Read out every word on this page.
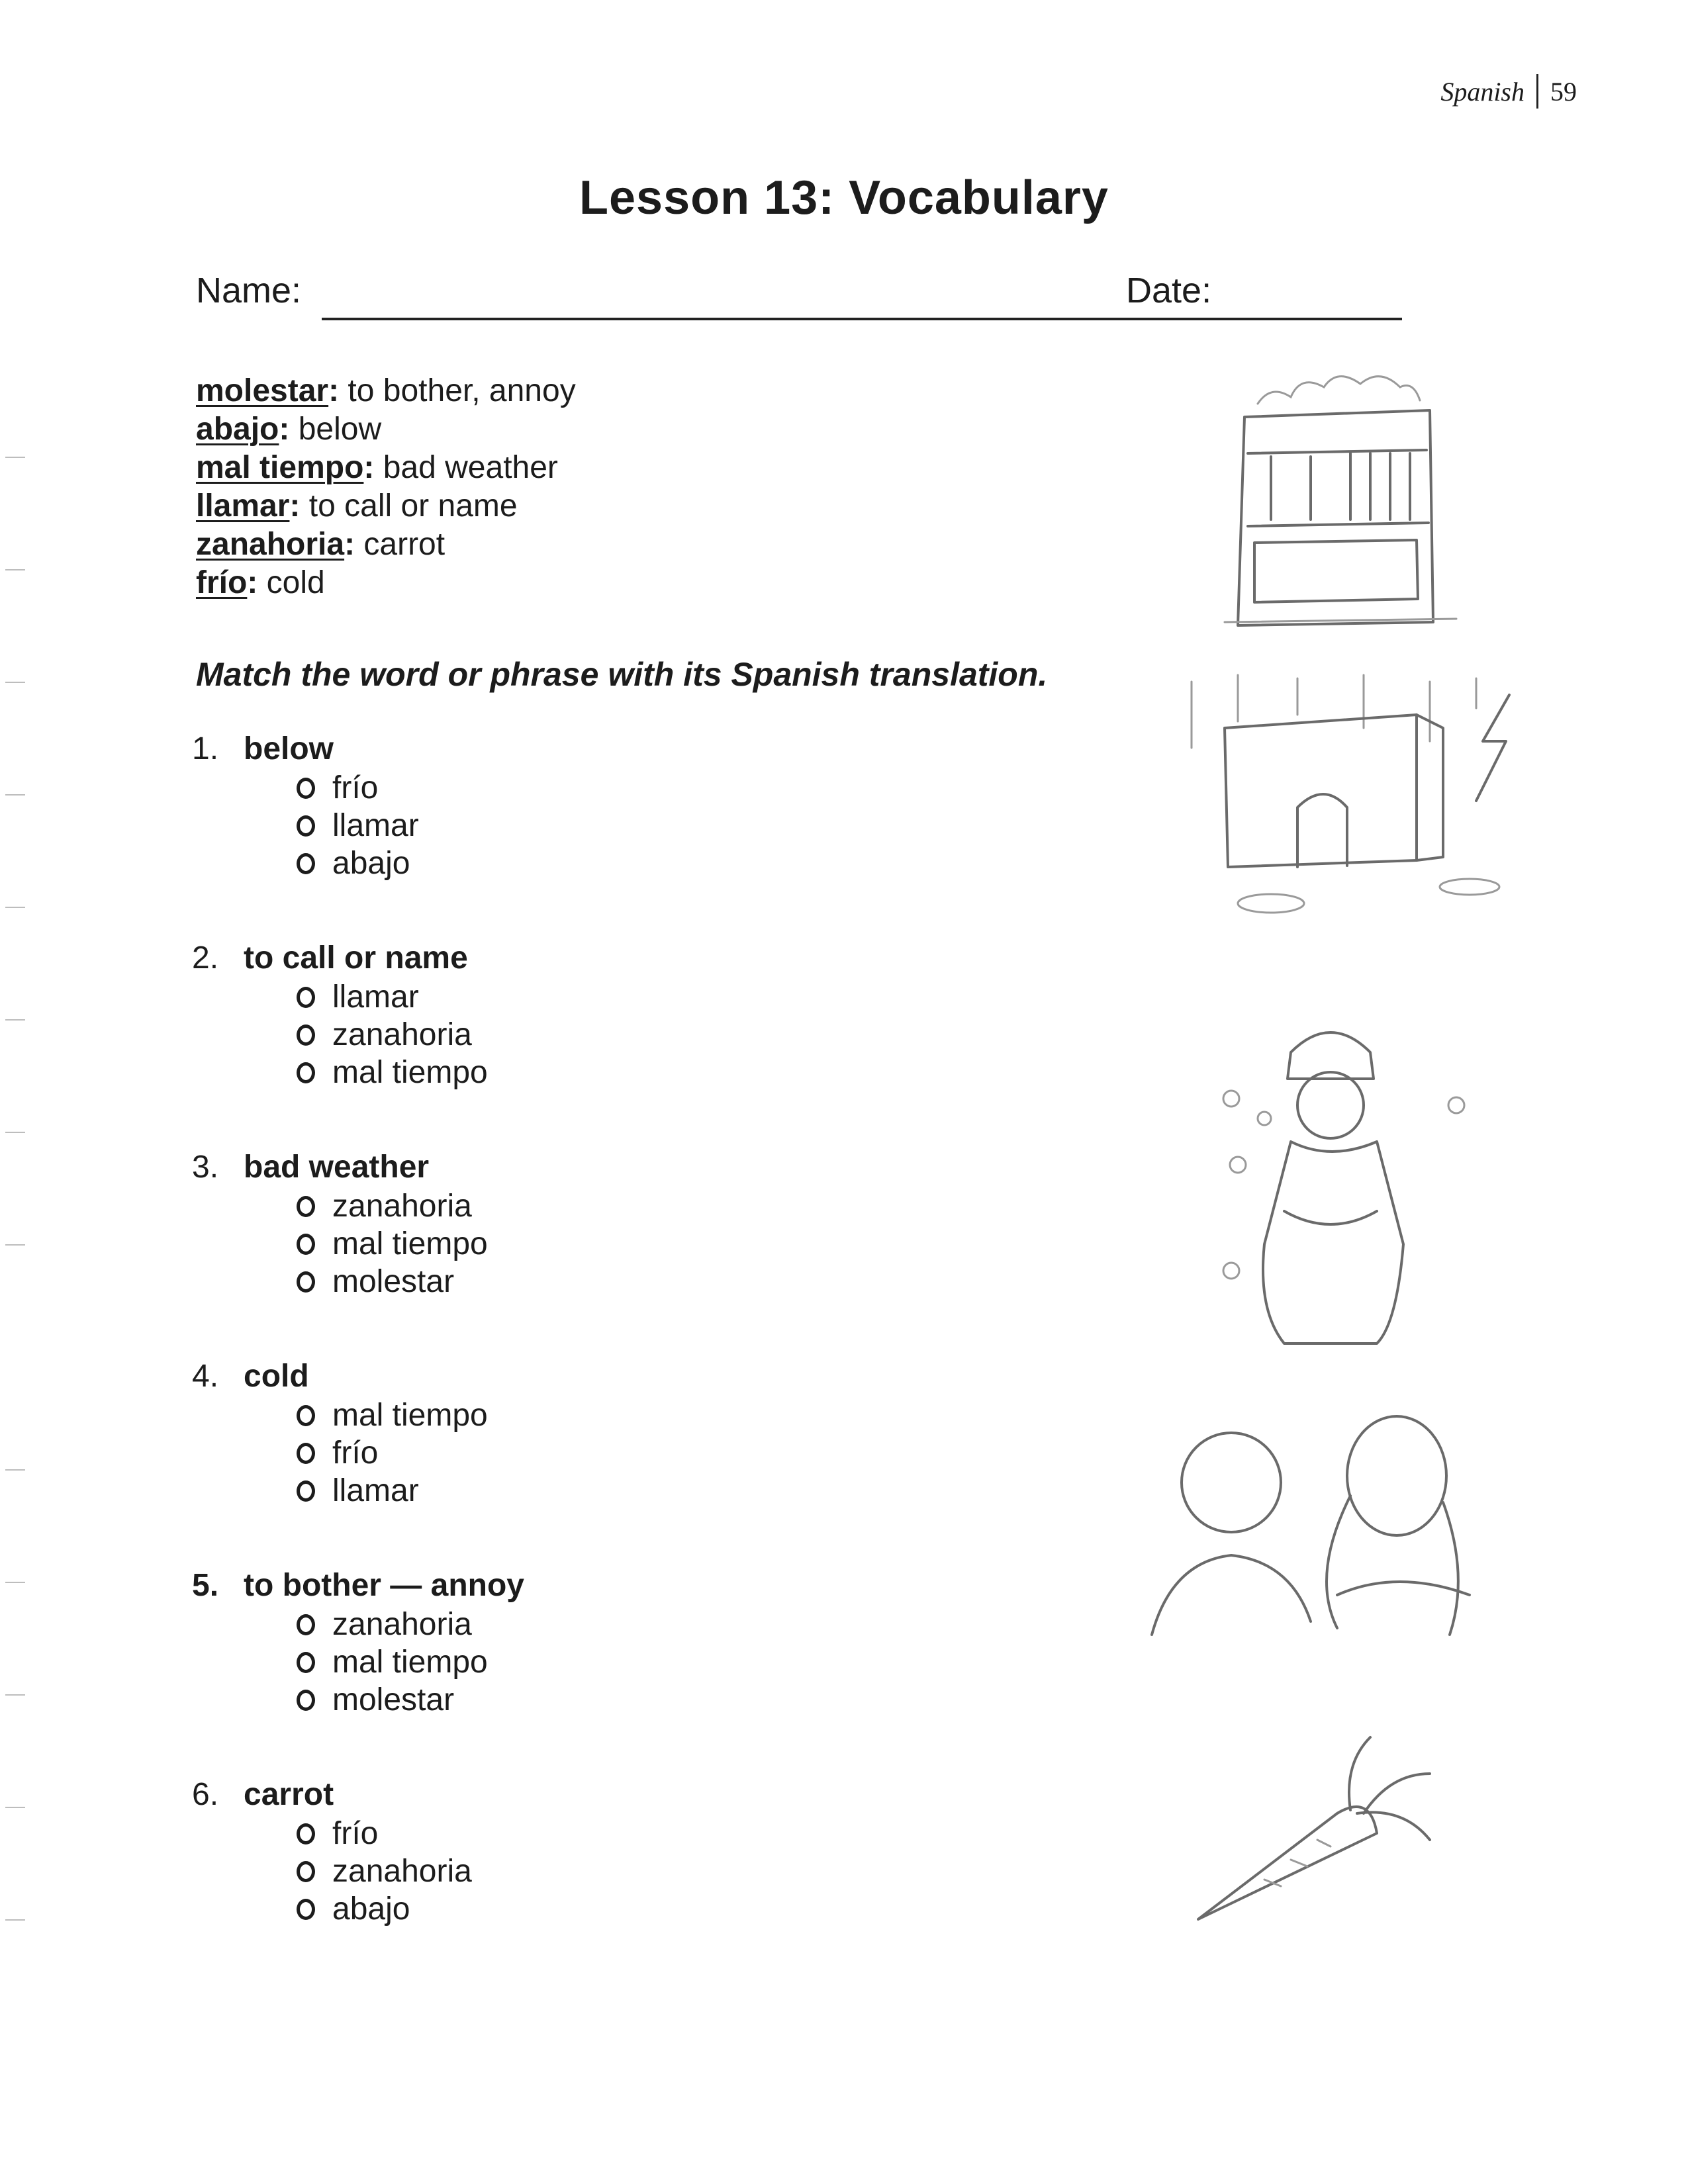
Spanish 59
Lesson 13: Vocabulary
Name:	Date:
molestar: to bother, annoy
abajo: below
mal tiempo: bad weather
llamar: to call or name
zanahoria: carrot
frío: cold
Match the word or phrase with its Spanish translation.
1. below
frío
llamar
abajo
2. to call or name
llamar
zanahoria
mal tiempo
3. bad weather
zanahoria
mal tiempo
molestar
4. cold
mal tiempo
frío
llamar
5. to bother — annoy
zanahoria
mal tiempo
molestar
6. carrot
frío
zanahoria
abajo
